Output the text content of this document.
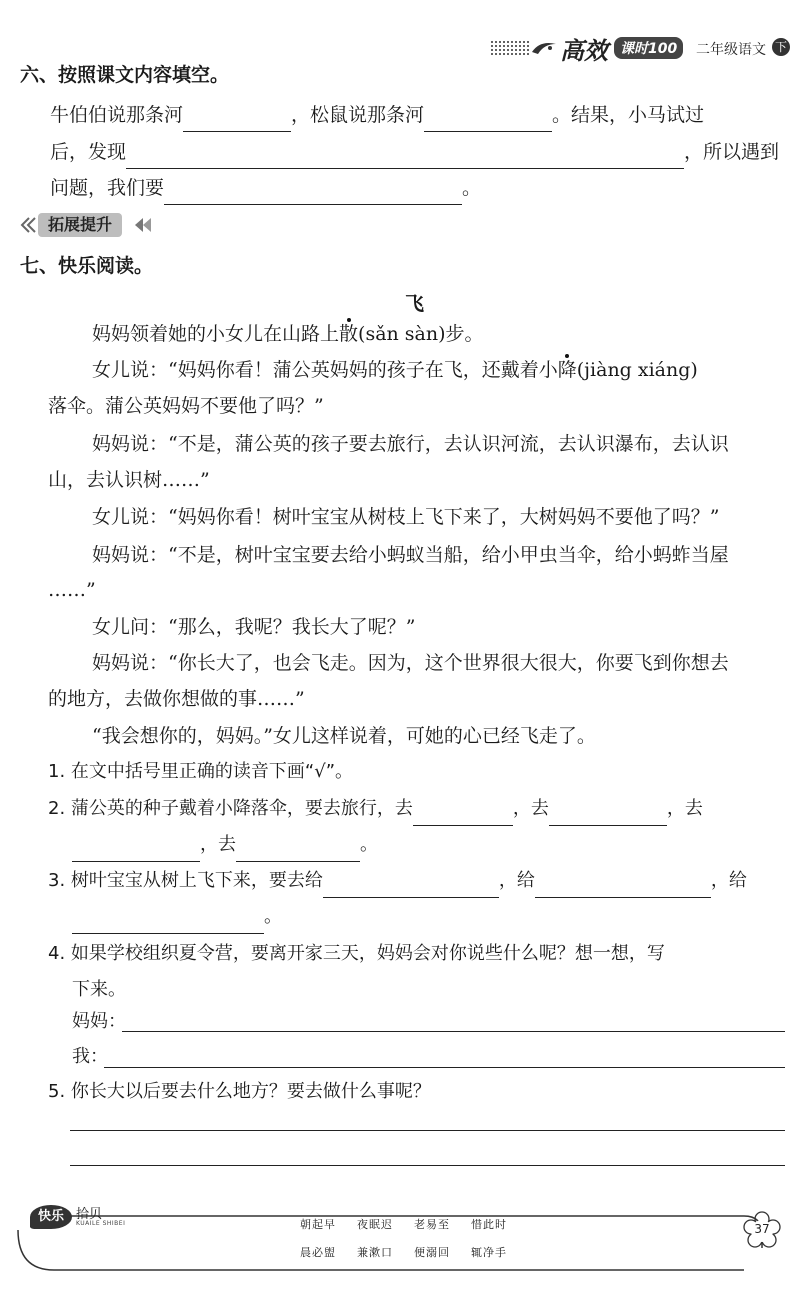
高效 课时100	二年级语文 下
六、按照课文内容填空。
牛伯伯说那条河	，松鼠说那条河	。结果，小马试过
后，发现	，所以遇到
问题，我们要	。
拓展提升
七、快乐阅读。
飞
妈妈领着她的小女儿在山路上散(sǎn sàn)步。
女儿说：“妈妈你看！蒲公英妈妈的孩子在飞，还戴着小降(jiàng xiáng)
落伞。蒲公英妈妈不要他了吗？”
妈妈说：“不是，蒲公英的孩子要去旅行，去认识河流，去认识瀑布，去认识
山，去认识树……”
女儿说：“妈妈你看！树叶宝宝从树枝上飞下来了，大树妈妈不要他了吗？”
妈妈说：“不是，树叶宝宝要去给小蚂蚁当船，给小甲虫当伞，给小蚂蚱当屋
……”
女儿问：“那么，我呢？我长大了呢？”
妈妈说：“你长大了，也会飞走。因为，这个世界很大很大，你要飞到你想去
的地方，去做你想做的事……”
“我会想你的，妈妈。”女儿这样说着，可她的心已经飞走了。
1. 在文中括号里正确的读音下画“√”。
2. 蒲公英的种子戴着小降落伞，要去旅行，去	，去	，去
，去	。
3. 树叶宝宝从树上飞下来，要去给	，给	，给
。
4. 如果学校组织夏令营，要离开家三天，妈妈会对你说些什么呢？想一想，写
下来。
妈妈：
我：
5. 你长大以后要去什么地方？要去做什么事呢？
快乐 拾贝
KUAILE SHIBEI	朝起早 夜眠迟 老易至 惜此时
晨必盥 兼漱口 便溺回 辄净手
37
